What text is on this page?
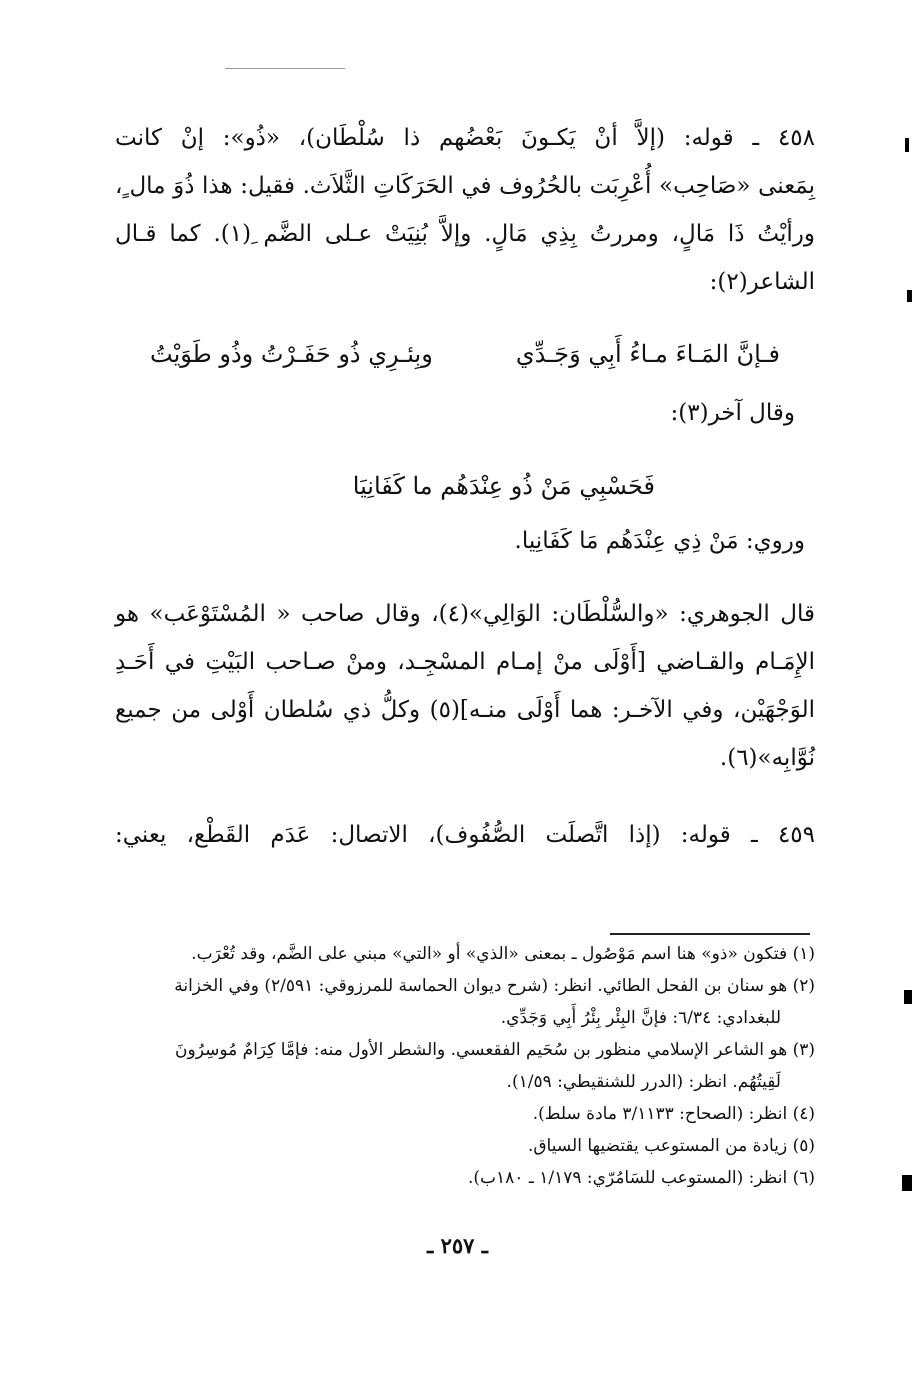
٤٥٨ ـ قوله: (إلاَّ أنْ يَكـونَ بَعْضُهم ذا سُلْطَان)، «ذُو»: إنْ كانت
بِمَعنى «صَاحِب» أُعْرِبَت بالحُرُوف في الحَرَكَاتِ الثَّلاَث. فقيل: هذا ذُوَ مال ٍ،
ورأيْتُ ذَا مَالٍ، ومررتُ بِذِي مَالٍ. وإلاَّ بُنِيَتْ عـلى الضَّم ِ(١). كما قـال
الشاعر(٢):
فـإنَّ المَـاءَ مـاءُ أَبِي وَجَـدِّي
وبِئـرِي ذُو حَفَـرْتُ وذُو طَوَيْتُ
وقال آخر(٣):
فَحَسْبِي مَنْ ذُو عِنْدَهُم ما كَفَانِيَا
وروي: مَنْ ذِي عِنْدَهُم مَا كَفَانِيا.
قال الجوهري: «والسُّلْطَان: الوَالِي»(٤)، وقال صاحب « المُسْتَوْعَب» هو
الإِمَـام والقـاضي [أَوْلَى منْ إمـام المسْجِـد، ومنْ صـاحب البَيْتِ في أَحَـدِ
الوَجْهَيْن، وفي الآخـر: هما أَوْلَى منـه](٥) وكلُّ ذي سُلطان أَوْلى من جميع
نُوَّابِه»(٦).
٤٥٩ ـ قوله: (إذا اتَّصلَت الصُّفُوف)، الاتصال: عَدَم القَطْع، يعني:
(١) فتكون «ذو» هنا اسم مَوْصُول ـ بمعنى «الذي» أو «التي» مبني على الضَّم، وقد تُعْرَب.
(٢) هو سنان بن الفحل الطائي. انظر: (شرح ديوان الحماسة للمرزوقي: ٢/٥٩١) وفي الخزانة
للبغدادي: ٦/٣٤: فإنَّ البِئْر بِئْرُ أَبِي وَجَدِّي.
(٣) هو الشاعر الإسلامي منظور بن سُحَيم الفقعسي. والشطر الأول منه: فإمَّا كِرَامٌ مُوسِرُونَ
لَقِيتُهُم. انظر: (الدرر للشنقيطي: ١/٥٩).
(٤) انظر: (الصحاح: ٣/١١٣٣ مادة سلط).
(٥) زيادة من المستوعب يقتضيها السياق.
(٦) انظر: (المستوعب للسَامُرّي: ١/١٧٩ ـ ١٨٠ب).
ـ ٢٥٧ ـ
